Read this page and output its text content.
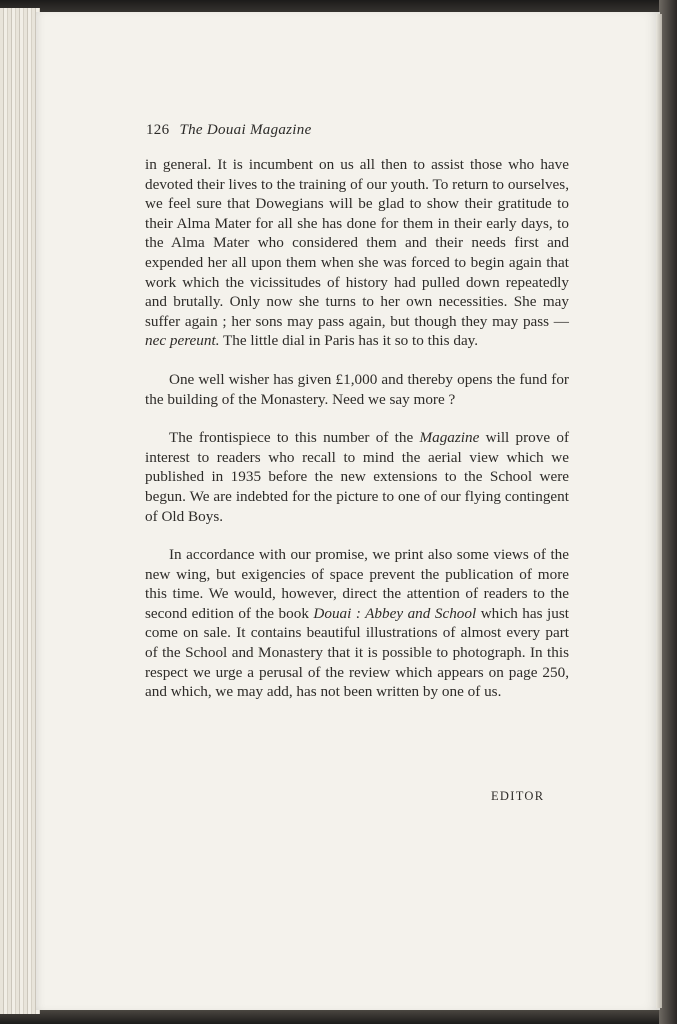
126 The Douai Magazine

in general. It is incumbent on us all then to assist those who have devoted their lives to the training of our youth. To return to ourselves, we feel sure that Dowegians will be glad to show their gratitude to their Alma Mater for all she has done for them in their early days, to the Alma Mater who considered them and their needs first and expended her all upon them when she was forced to begin again that work which the vicissitudes of history had pulled down repeatedly and brutally. Only now she turns to her own necessities. She may suffer again ; her sons may pass again, but though they may pass — nec pereunt. The little dial in Paris has it so to this day.

One well wisher has given £1,000 and thereby opens the fund for the building of the Monastery. Need we say more ?

The frontispiece to this number of the Magazine will prove of interest to readers who recall to mind the aerial view which we published in 1935 before the new extensions to the School were begun. We are indebted for the picture to one of our flying contingent of Old Boys.

In accordance with our promise, we print also some views of the new wing, but exigencies of space prevent the publication of more this time. We would, however, direct the attention of readers to the second edition of the book Douai : Abbey and School which has just come on sale. It contains beautiful illustrations of almost every part of the School and Monastery that it is possible to photograph. In this respect we urge a perusal of the review which appears on page 250, and which, we may add, has not been written by one of us.

EDITOR
